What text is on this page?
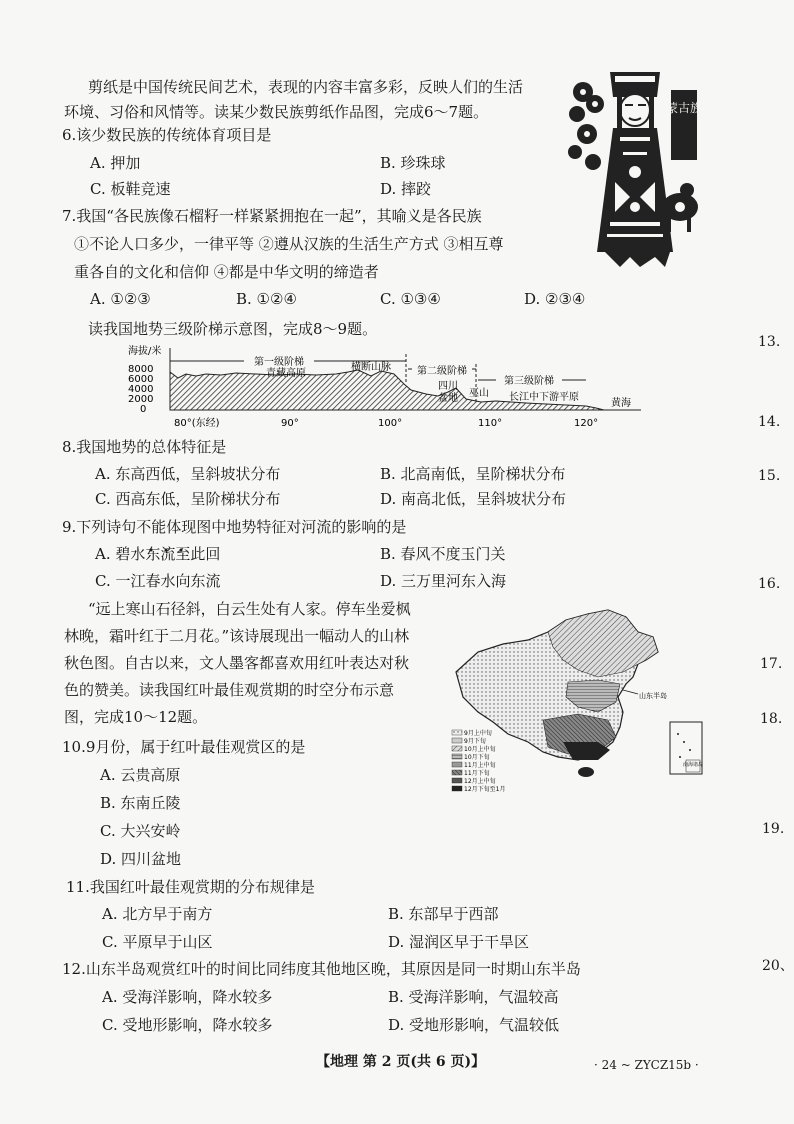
剪纸是中国传统民间艺术，表现的内容丰富多彩，反映人们的生活
环境、习俗和风情等。读某少数民族剪纸作品图，完成6～7题。
6.该少数民族的传统体育项目是
A. 押加	B. 珍珠球
C. 板鞋竞速	D. 摔跤
蒙古族
7.我国“各民族像石榴籽一样紧紧拥抱在一起”，其喻义是各民族
①不论人口多少，一律平等 ②遵从汉族的生活生产方式 ③相互尊
重各自的文化和信仰 ④都是中华文明的缔造者
A. ①②③	B. ①②④	C. ①③④	D. ②③④
读我国地势三级阶梯示意图，完成8～9题。
海拔/米
8000
6000
4000
2000
0
第一级阶梯
第二级阶梯
第三级阶梯
青藏高原
横断山脉
四川
盆地 巫山 长江中下游平原
黄海
80°(东经)	90°	100°	110°	120°
8.我国地势的总体特征是
A. 东高西低，呈斜坡状分布	B. 北高南低，呈阶梯状分布
C. 西高东低，呈阶梯状分布	D. 南高北低，呈斜坡状分布
9.下列诗句不能体现图中地势特征对河流的影响的是
A. 碧水东流至此回	B. 春风不度玉门关
C. 一江春水向东流	D. 三万里河东入海
“远上寒山石径斜，白云生处有人家。停车坐爱枫
林晚，霜叶红于二月花。”该诗展现出一幅动人的山林
秋色图。自古以来，文人墨客都喜欢用红叶表达对秋
色的赞美。读我国红叶最佳观赏期的时空分布示意
图，完成10～12题。
山东半岛
南海诸岛
9月上中旬
9月下旬
10月上中旬
10月下旬
11月上中旬
11月下旬
12月上中旬
12月下旬至1月
10.9月份，属于红叶最佳观赏区的是
A. 云贵高原
B. 东南丘陵
C. 大兴安岭
D. 四川盆地
11.我国红叶最佳观赏期的分布规律是
A. 北方早于南方	B. 东部早于西部
C. 平原早于山区	D. 湿润区早于干旱区
12.山东半岛观赏红叶的时间比同纬度其他地区晚，其原因是同一时期山东半岛
A. 受海洋影响，降水较多	B. 受海洋影响，气温较高
C. 受地形影响，降水较多	D. 受地形影响，气温较低
【地理 第 2 页(共 6 页)】	· 24 ~ ZYCZ15b ·
13.
14.
15.
16.
17.
18.
19.
20、
